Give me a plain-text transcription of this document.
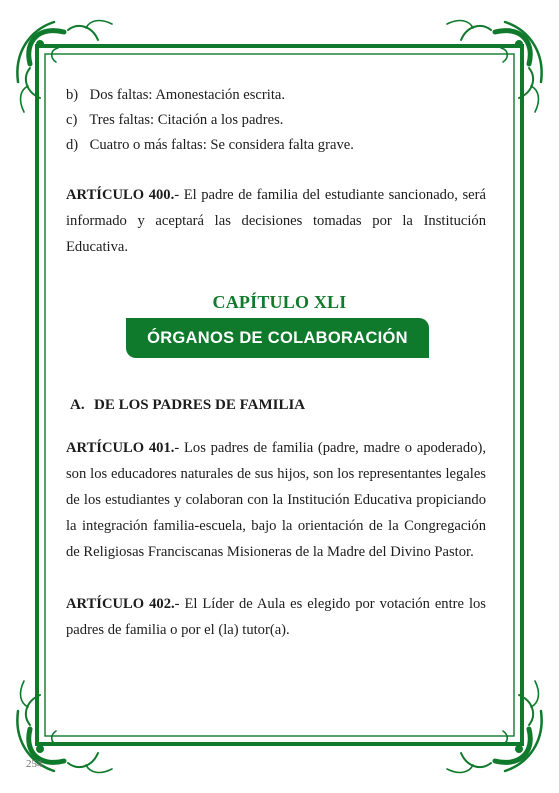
b) Dos faltas: Amonestación escrita.
c) Tres faltas: Citación a los padres.
d) Cuatro o más faltas: Se considera falta grave.

ARTÍCULO 400.- El padre de familia del estudiante sancionado, será informado y aceptará las decisiones tomadas por la Institución Educativa.

CAPÍTULO XLI
ÓRGANOS DE COLABORACIÓN
A. DE LOS PADRES DE FAMILIA

ARTÍCULO 401.- Los padres de familia (padre, madre o apoderado), son los educadores naturales de sus hijos, son los representantes legales de los estudiantes y colaboran con la Institución Educativa propiciando la integración familia-escuela, bajo la orientación de la Congregación de Religiosas Franciscanas Misioneras de la Madre del Divino Pastor.

ARTÍCULO 402.- El Líder de Aula es elegido por votación entre los padres de familia o por el (la) tutor(a).

254
